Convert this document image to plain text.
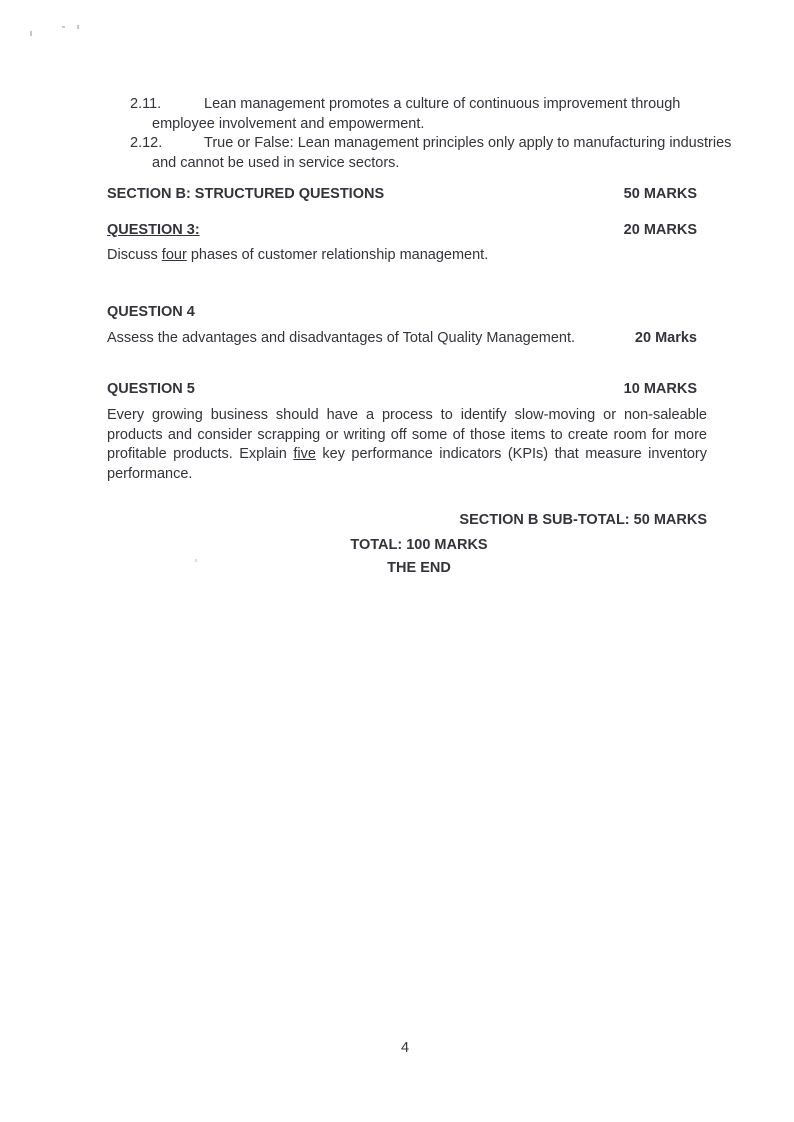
2.11.	Lean management promotes a culture of continuous improvement through
employee involvement and empowerment.
2.12.	True or False: Lean management principles only apply to manufacturing industries
and cannot be used in service sectors.
SECTION B: STRUCTURED QUESTIONS	50 MARKS
QUESTION 3:	20 MARKS
Discuss four phases of customer relationship management.
QUESTION 4
Assess the advantages and disadvantages of Total Quality Management.	20 Marks
QUESTION 5	10 MARKS
Every growing business should have a process to identify slow-moving or non-saleable products and consider scrapping or writing off some of those items to create room for more profitable products. Explain five key performance indicators (KPIs) that measure inventory performance.
SECTION B SUB-TOTAL: 50 MARKS
TOTAL: 100 MARKS
THE END
4
